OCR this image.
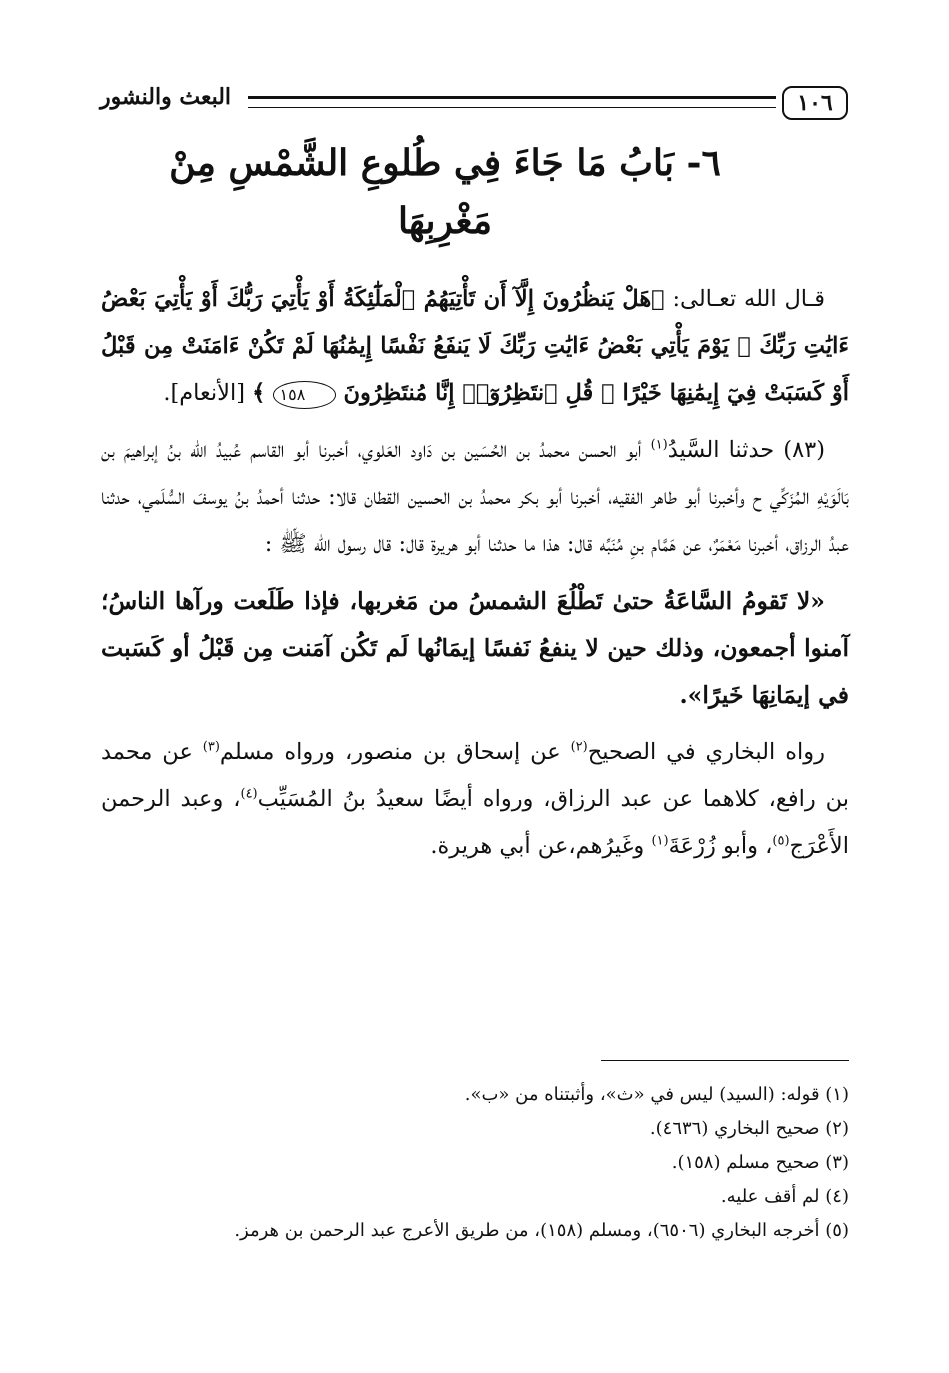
١٠٦
البعث والنشور
٦- بَابُ مَا جَاءَ فِي طُلوعِ الشَّمْسِ مِنْ مَغْرِبِهَا

قـال الله تعـالى: ﴿هَلْ يَنظُرُونَ إِلَّآ أَن تَأْتِيَهُمُ ٱلْمَلَٰٓئِكَةُ أَوْ يَأْتِيَ رَبُّكَ أَوْ يَأْتِيَ بَعْضُ ءَايَٰتِ رَبِّكَ ۗ يَوْمَ يَأْتِي بَعْضُ ءَايَٰتِ رَبِّكَ لَا يَنفَعُ نَفْسًا إِيمَٰنُهَا لَمْ تَكُنْ ءَامَنَتْ مِن قَبْلُ أَوْ كَسَبَتْ فِيٓ إِيمَٰنِهَا خَيْرًا ۗ قُلِ ٱنتَظِرُوٓا۟ إِنَّا مُنتَظِرُونَ ١٥٨ ﴾ [الأنعام].

(٨٣) حدثنا السَّيدُ$^{(١)}$ أبو الحسن محمدُ بن الحُسَين بن دَاود العَلوي، أخبرنا أبو القاسم عُبيدُ الله بنُ إبراهيمَ بن بَالَوَيْهِ المُزَكِّي ح وأخبرنا أبو طاهر الفقيه، أخبرنا أبو بكر محمدُ بن الحسين القطان قالا: حدثنا أحمدُ بنُ يوسفَ السُّلَمي، حدثنا عبدُ الرزاق، أخبرنا مَعْمَرٌ، عن هَمَّام بنِ مُنَبِّه قال: هذا ما حدثنا أبو هريرة قال: قال رسول الله ﷺ :

«لا تَقومُ السَّاعَةُ حتىٰ تَطْلُعَ الشمسُ من مَغربها، فإذا طَلَعت ورآها الناسُ؛ آمنوا أجمعون، وذلك حين لا ينفعُ نَفسًا إيمَانُها لَم تَكُن آمَنت مِن قَبْلُ أو كَسَبت في إيمَانِهَا خَيرًا».

رواه البخاري في الصحيح$^{(٢)}$ عن إسحاق بن منصور، ورواه مسلم$^{(٣)}$ عن محمد بن رافع، كلاهما عن عبد الرزاق، ورواه أيضًا سعيدُ بنُ المُسَيِّب$^{(٤)}$، وعبد الرحمن الأَعْرَج$^{(٥)}$، وأبو زُرْعَةَ$^{(١)}$ وغَيرُهم،عن أبي هريرة.

(١) قوله: (السيد) ليس في «ث»، وأثبتناه من «ب».
(٢) صحيح البخاري (٤٦٣٦).
(٣) صحيح مسلم (١٥٨).
(٤) لم أقف عليه.
(٥) أخرجه البخاري (٦٥٠٦)، ومسلم (١٥٨)، من طريق الأعرج عبد الرحمن بن هرمز.
